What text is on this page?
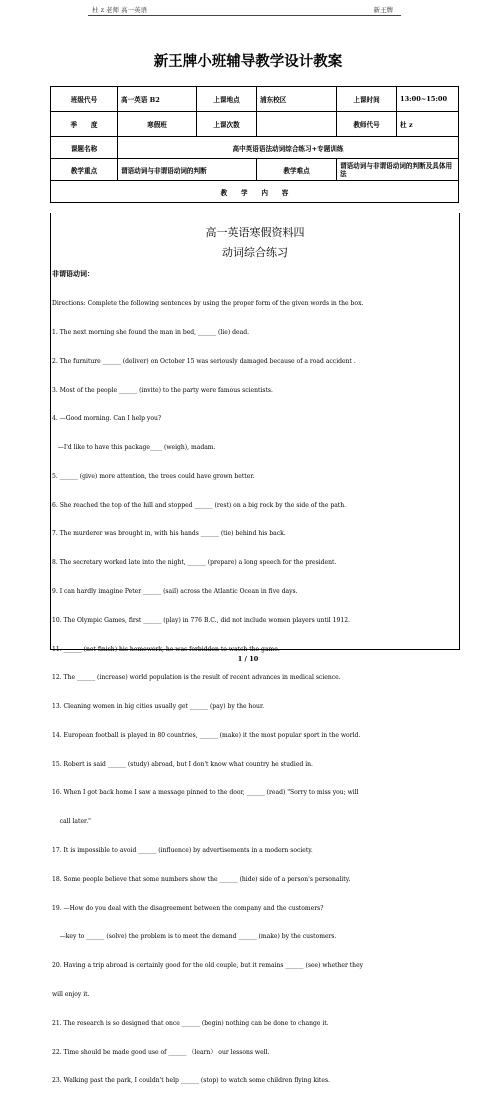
杜 z 老师 高一英语	新王牌
新王牌小班辅导教学设计教案
班级代号	高一英语 B2	上课地点	浦东校区	上课时间	13:00~15:00
季      度	寒假班	上课次数		教师代号	杜 z
课题名称	高中英语语法动词综合练习+专题训练				
教学重点	谓语动词与非谓语动词的判断		教学难点	谓语动词与非谓语动词的判断及具体用法	
教      学      内      容					
高一英语寒假资料四
动词综合练习
非谓语动词：

Directions: Complete the following sentences by using the proper form of the given words in the box.

1. The next morning she found the man in bed, ______ (lie) dead.

2. The furniture ______ (deliver) on October 15 was seriously damaged because of a road accident .

3. Most of the people ______ (invite) to the party were famous scientists.

4. —Good morning. Can I help you?

—I'd like to have this package____ (weigh), madam.

5. ______ (give) more attention, the trees could have grown better.

6. She reached the top of the hill and stopped ______ (rest) on a big rock by the side of the path.

7. The murderer was brought in, with his hands ______ (tie) behind his back.

8. The secretary worked late into the night, ______ (prepare) a long speech for the president.

9. I can hardly imagine Peter ______ (sail) across the Atlantic Ocean in five days.

10. The Olympic Games, first ______ (play) in 776 B.C., did not include women players until 1912.

11. ______ (not finish) his homework, he was forbidden to watch the game.

12. The ______ (increase) world population is the result of recent advances in medical science.

13. Cleaning women in big cities usually get ______ (pay) by the hour.

14. European football is played in 80 countries, ______ (make) it the most popular sport in the world.

15. Robert is said ______ (study) abroad, but I don't know what country he studied in.

16. When I got back home I saw a message pinned to the door, ______ (read) "Sorry to miss you; will

call later."

17. It is impossible to avoid ______ (influence) by advertisements in a modern society.

18. Some people believe that some numbers show the ______ (hide) side of a person's personality.

19. —How do you deal with the disagreement between the company and the customers?

—key to ______ (solve) the problem is to meet the demand ______ (make) by the customers.

20. Having a trip abroad is certainly good for the old couple, but it remains ______ (see) whether they

will enjoy it.

21. The research is so designed that once ______ (begin) nothing can be done to change it.

22. Time should be made good use of ______ （learn） our lessons well.

23. Walking past the park, I couldn't help ______ (stop) to watch some children flying kites.

1 / 10
